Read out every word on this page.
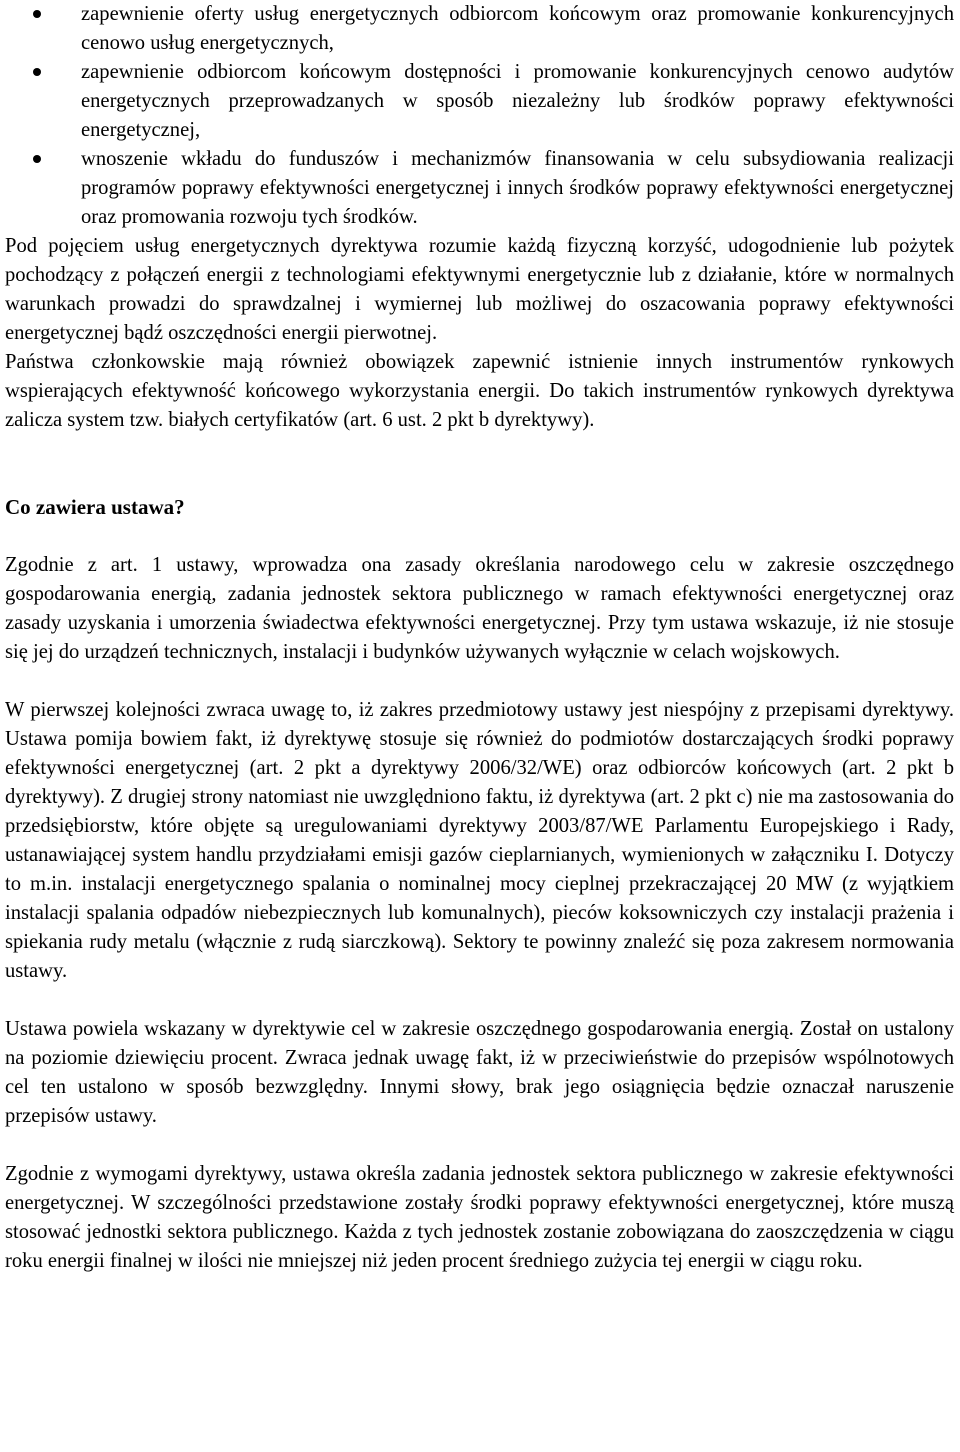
zapewnienie oferty usług energetycznych odbiorcom końcowym oraz promowanie konkurencyjnych cenowo usług energetycznych,
zapewnienie odbiorcom końcowym dostępności i promowanie konkurencyjnych cenowo audytów energetycznych przeprowadzanych w sposób niezależny lub środków poprawy efektywności energetycznej,
wnoszenie wkładu do funduszów i mechanizmów finansowania w celu subsydiowania realizacji programów poprawy efektywności energetycznej i innych środków poprawy efektywności energetycznej oraz promowania rozwoju tych środków.

Pod pojęciem usług energetycznych dyrektywa rozumie każdą fizyczną korzyść, udogodnienie lub pożytek pochodzący z połączeń energii z technologiami efektywnymi energetycznie lub z działanie, które w normalnych warunkach prowadzi do sprawdzalnej i wymiernej lub możliwej do oszacowania poprawy efektywności energetycznej bądź oszczędności energii pierwotnej.

Państwa członkowskie mają również obowiązek zapewnić istnienie innych instrumentów rynkowych wspierających efektywność końcowego wykorzystania energii. Do takich instrumentów rynkowych dyrektywa zalicza system tzw. białych certyfikatów (art. 6 ust. 2 pkt b dyrektywy).

Co zawiera ustawa?

Zgodnie z art. 1 ustawy, wprowadza ona zasady określania narodowego celu w zakresie oszczędnego gospodarowania energią, zadania jednostek sektora publicznego w ramach efektywności energetycznej oraz zasady uzyskania i umorzenia świadectwa efektywności energetycznej. Przy tym ustawa wskazuje, iż nie stosuje się jej do urządzeń technicznych, instalacji i budynków używanych wyłącznie w celach wojskowych.

W pierwszej kolejności zwraca uwagę to, iż zakres przedmiotowy ustawy jest niespójny z przepisami dyrektywy. Ustawa pomija bowiem fakt, iż dyrektywę stosuje się również do podmiotów dostarczających środki poprawy efektywności energetycznej (art. 2 pkt a dyrektywy 2006/32/WE) oraz odbiorców końcowych (art. 2 pkt b dyrektywy). Z drugiej strony natomiast nie uwzględniono faktu, iż dyrektywa (art. 2 pkt c) nie ma zastosowania do przedsiębiorstw, które objęte są uregulowaniami dyrektywy 2003/87/WE Parlamentu Europejskiego i Rady, ustanawiającej system handlu przydziałami emisji gazów cieplarnianych, wymienionych w załączniku I. Dotyczy to m.in. instalacji energetycznego spalania o nominalnej mocy cieplnej przekraczającej 20 MW (z wyjątkiem instalacji spalania odpadów niebezpiecznych lub komunalnych), pieców koksowniczych czy instalacji prażenia i spiekania rudy metalu (włącznie z rudą siarczkową). Sektory te powinny znaleźć się poza zakresem normowania ustawy.

Ustawa powiela wskazany w dyrektywie cel w zakresie oszczędnego gospodarowania energią. Został on ustalony na poziomie dziewięciu procent. Zwraca jednak uwagę fakt, iż w przeciwieństwie do przepisów wspólnotowych cel ten ustalono w sposób bezwzględny. Innymi słowy, brak jego osiągnięcia będzie oznaczał naruszenie przepisów ustawy.

Zgodnie z wymogami dyrektywy, ustawa określa zadania jednostek sektora publicznego w zakresie efektywności energetycznej. W szczególności przedstawione zostały środki poprawy efektywności energetycznej, które muszą stosować jednostki sektora publicznego. Każda z tych jednostek zostanie zobowiązana do zaoszczędzenia w ciągu roku energii finalnej w ilości nie mniejszej niż jeden procent średniego zużycia tej energii w ciągu roku.
